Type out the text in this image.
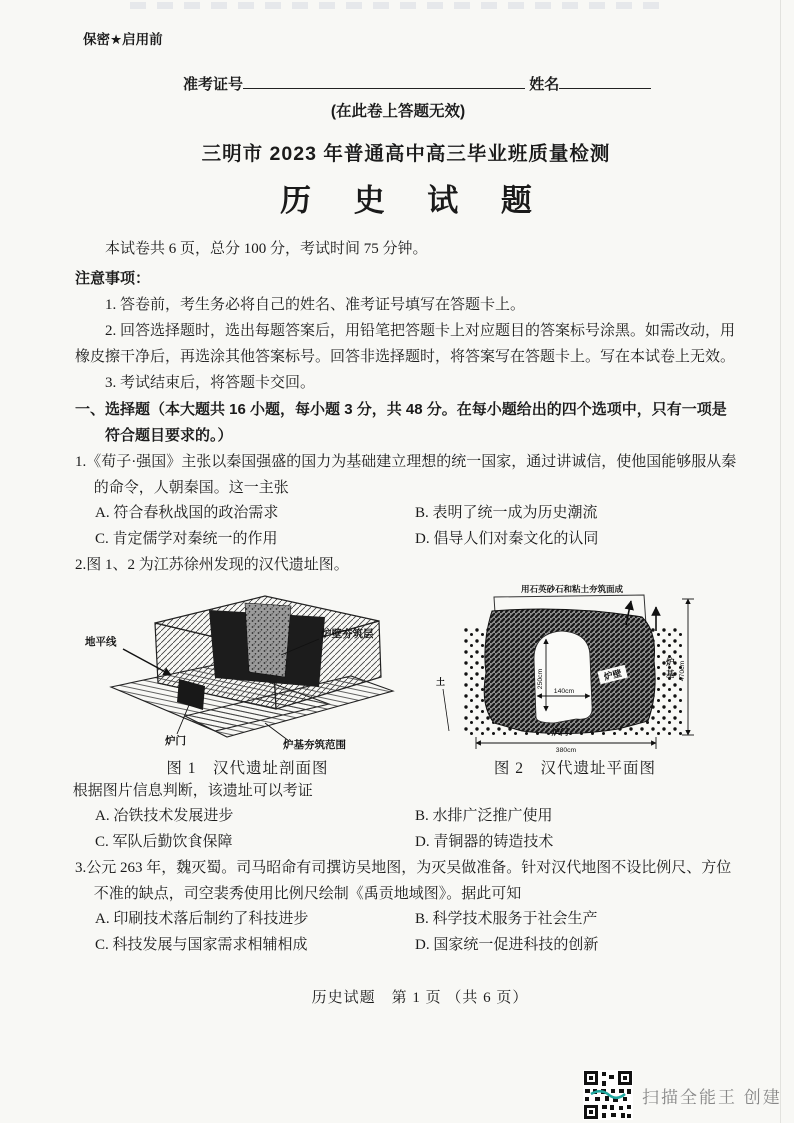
保密★启用前
准考证号	姓名
(在此卷上答题无效)
三明市 2023 年普通高中高三毕业班质量检测
历 史 试 题

本试卷共 6 页，总分 100 分，考试时间 75 分钟。

注意事项：

1. 答卷前，考生务必将自己的姓名、准考证号填写在答题卡上。

2. 回答选择题时，选出每题答案后，用铅笔把答题卡上对应题目的答案标号涂黑。如需改动，用橡皮擦干净后，再选涂其他答案标号。回答非选择题时，将答案写在答题卡上。写在本试卷上无效。

3. 考试结束后，将答题卡交回。

一、选择题（本大题共 16 小题，每小题 3 分，共 48 分。在每小题给出的四个选项中，只有一项是符合题目要求的。）

1.《荀子·强国》主张以秦国强盛的国力为基础建立理想的统一国家，通过讲诚信，使他国能够服从秦的命令，人朝秦国。这一主张

A. 符合春秋战国的政治需求	B. 表明了统一成为历史潮流
C. 肯定儒学对秦统一的作用	D. 倡导人们对秦文化的认同

2.图 1、2 为江苏徐州发现的汉代遗址图。

地平线
炉壁夯筑层
炉门	炉基夯筑范围
图 1　汉代遗址剖面图
用石英砂石和粘土夯筑面成
250cm
140cm
炉壁
炉
基 470cm
土
炉门
380cm
图 2　汉代遗址平面图

根据图片信息判断，该遗址可以考证

A. 冶铁技术发展进步	B. 水排广泛推广使用
C. 军队后勤饮食保障	D. 青铜器的铸造技术

3.公元 263 年，魏灭蜀。司马昭命有司撰访吴地图，为灭吴做准备。针对汉代地图不设比例尺、方位不准的缺点，司空裴秀使用比例尺绘制《禹贡地域图》。据此可知

A. 印刷技术落后制约了科技进步	B. 科学技术服务于社会生产
C. 科技发展与国家需求相辅相成	D. 国家统一促进科技的创新
历史试题　第 1 页 （共 6 页）
扫描全能王 创建
